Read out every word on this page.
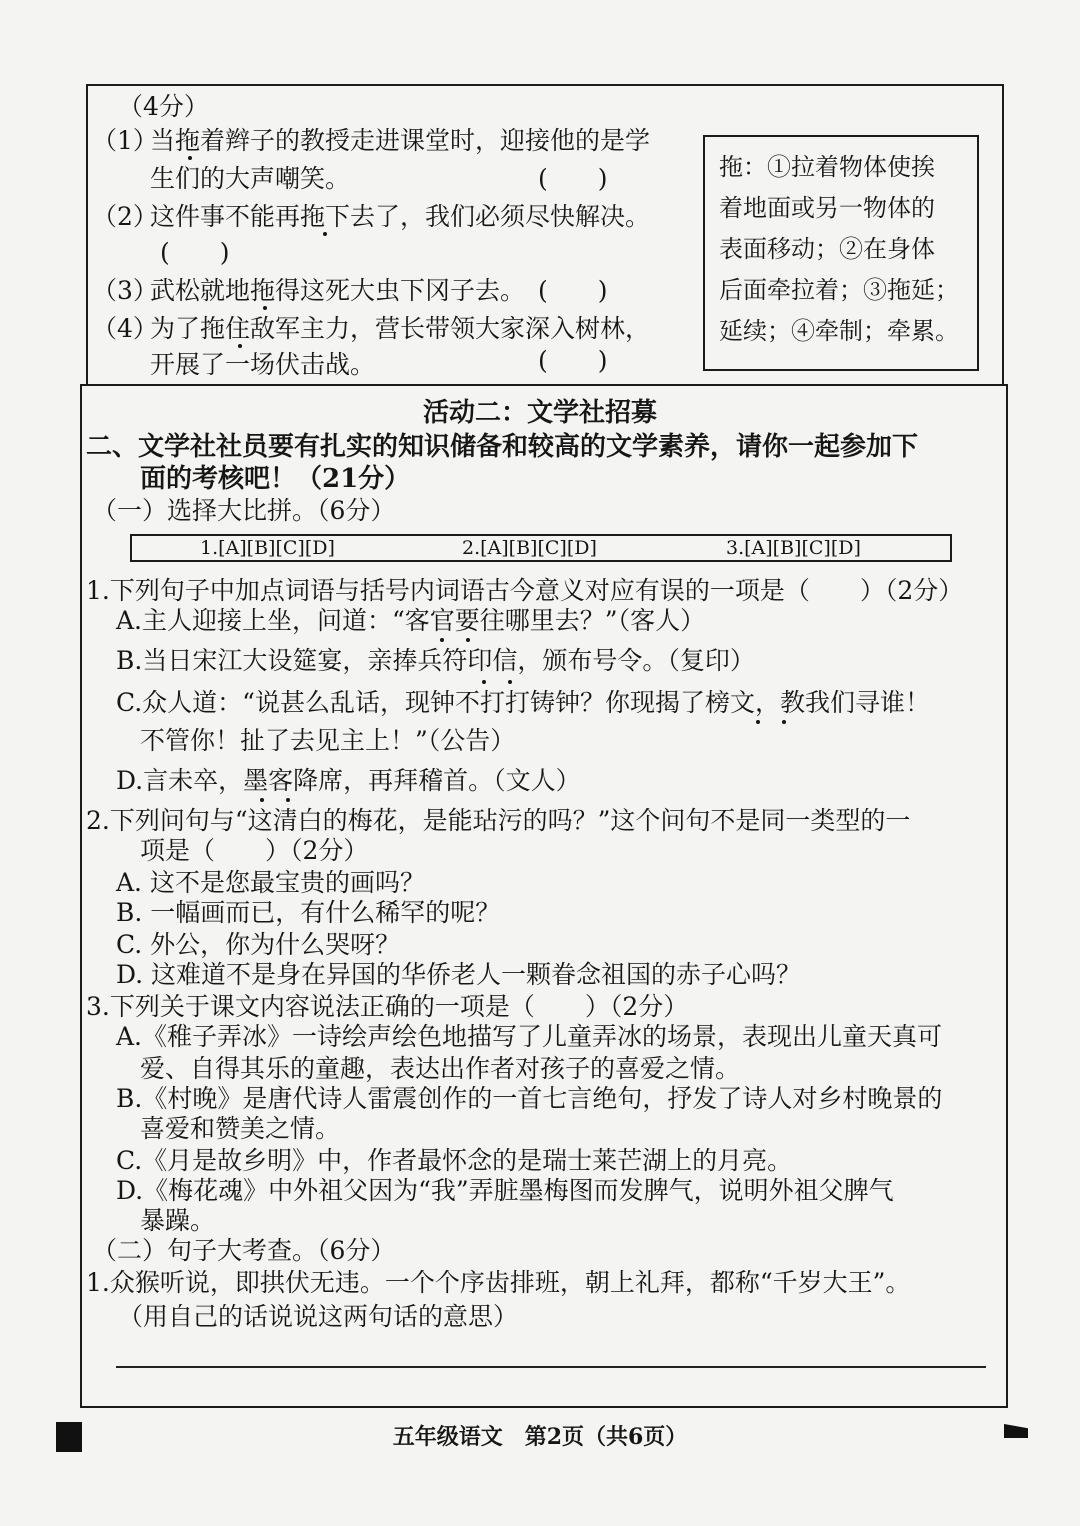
（4分）
（1）
当拖着辫子的教授走进课堂时，迎接他的是学
生们的大声嘲笑。	(　　)
（2）
这件事不能再拖下去了，我们必须尽快解决。
(　　)
（3）
武松就地拖得这死大虫下冈子去。 (　　)
（4）
为了拖住敌军主力，营长带领大家深入树林，
开展了一场伏击战。	(　　)
拖：①拉着物体使挨
着地面或另一物体的
表面移动；②在身体
后面牵拉着；③拖延；
延续；④牵制；牵累。
活动二：文学社招募
二、文学社社员要有扎实的知识储备和较高的文学素养，请你一起参加下
面的考核吧！（21分）
（一）选择大比拼。（6分）
1.[A][B][C][D]	2.[A][B][C][D]	3.[A][B][C][D]
1.下列句子中加点词语与括号内词语古今意义对应有误的一项是（　　）（2分）
A.主人迎接上坐，问道：“客官要往哪里去？”（客人）
B.当日宋江大设筵宴，亲捧兵符印信，颁布号令。（复印）
C.众人道：“说甚么乱话，现钟不打打铸钟？你现揭了榜文，教我们寻谁！
不管你！扯了去见主上！”（公告）
D.言未卒，墨客降席，再拜稽首。（文人）
2.下列问句与“这清白的梅花，是能玷污的吗？”这个问句不是同一类型的一
项是（　　）（2分）
A. 这不是您最宝贵的画吗？
B. 一幅画而已，有什么稀罕的呢？
C. 外公，你为什么哭呀？
D. 这难道不是身在异国的华侨老人一颗眷念祖国的赤子心吗？
3.下列关于课文内容说法正确的一项是（　　）（2分）
A.《稚子弄冰》一诗绘声绘色地描写了儿童弄冰的场景，表现出儿童天真可
爱、自得其乐的童趣，表达出作者对孩子的喜爱之情。
B.《村晚》是唐代诗人雷震创作的一首七言绝句，抒发了诗人对乡村晚景的
喜爱和赞美之情。
C.《月是故乡明》中，作者最怀念的是瑞士莱芒湖上的月亮。
D.《梅花魂》中外祖父因为“我”弄脏墨梅图而发脾气，说明外祖父脾气
暴躁。
（二）句子大考查。（6分）
1.众猴听说，即拱伏无违。一个个序齿排班，朝上礼拜，都称“千岁大王”。
（用自己的话说说这两句话的意思）
五年级语文　第2页（共6页）
